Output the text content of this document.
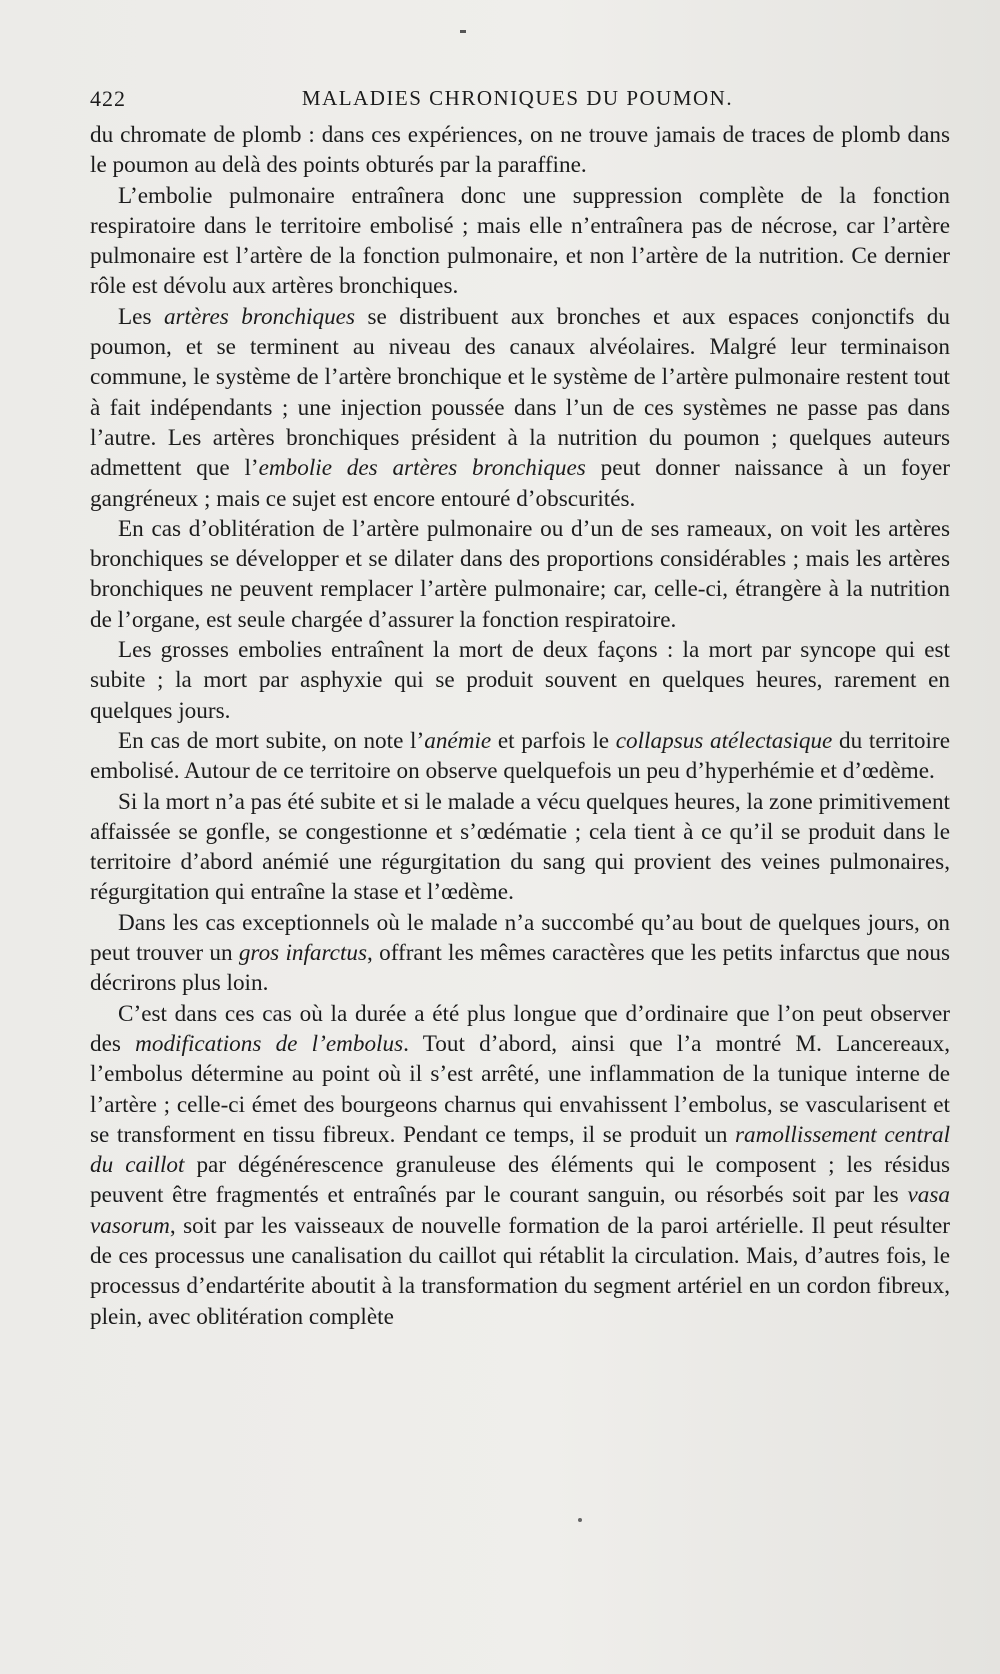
422	MALADIES CHRONIQUES DU POUMON.

du chromate de plomb : dans ces expériences, on ne trouve jamais de traces de plomb dans le poumon au delà des points obturés par la paraffine.

L’embolie pulmonaire entraînera donc une suppression complète de la fonction respiratoire dans le territoire embolisé ; mais elle n’entraînera pas de nécrose, car l’artère pulmonaire est l’artère de la fonction pulmonaire, et non l’artère de la nutrition. Ce dernier rôle est dévolu aux artères bronchiques.

Les artères bronchiques se distribuent aux bronches et aux espaces conjonctifs du poumon, et se terminent au niveau des canaux alvéolaires. Malgré leur terminaison commune, le système de l’artère bronchique et le système de l’artère pulmonaire restent tout à fait indépendants ; une injection poussée dans l’un de ces systèmes ne passe pas dans l’autre. Les artères bronchiques président à la nutrition du poumon ; quelques auteurs admettent que l’embolie des artères bronchiques peut donner naissance à un foyer gangréneux ; mais ce sujet est encore entouré d’obscurités.

En cas d’oblitération de l’artère pulmonaire ou d’un de ses rameaux, on voit les artères bronchiques se développer et se dilater dans des proportions considérables ; mais les artères bronchiques ne peuvent remplacer l’artère pulmonaire; car, celle-ci, étrangère à la nutrition de l’organe, est seule chargée d’assurer la fonction respiratoire.

Les grosses embolies entraînent la mort de deux façons : la mort par syncope qui est subite ; la mort par asphyxie qui se produit souvent en quelques heures, rarement en quelques jours.

En cas de mort subite, on note l’anémie et parfois le collapsus atélectasique du territoire embolisé. Autour de ce territoire on observe quelquefois un peu d’hyperhémie et d’œdème.

Si la mort n’a pas été subite et si le malade a vécu quelques heures, la zone primitivement affaissée se gonfle, se congestionne et s’œdématie ; cela tient à ce qu’il se produit dans le territoire d’abord anémié une régurgitation du sang qui provient des veines pulmonaires, régurgitation qui entraîne la stase et l’œdème.

Dans les cas exceptionnels où le malade n’a succombé qu’au bout de quelques jours, on peut trouver un gros infarctus, offrant les mêmes caractères que les petits infarctus que nous décrirons plus loin.

C’est dans ces cas où la durée a été plus longue que d’ordinaire que l’on peut observer des modifications de l’embolus. Tout d’abord, ainsi que l’a montré M. Lancereaux, l’embolus détermine au point où il s’est arrêté, une inflammation de la tunique interne de l’artère ; celle-ci émet des bourgeons charnus qui envahissent l’embolus, se vascularisent et se transforment en tissu fibreux. Pendant ce temps, il se produit un ramollissement central du caillot par dégénérescence granuleuse des éléments qui le composent ; les résidus peuvent être fragmentés et entraînés par le courant sanguin, ou résorbés soit par les vasa vasorum, soit par les vaisseaux de nouvelle formation de la paroi artérielle. Il peut résulter de ces processus une canalisation du caillot qui rétablit la circulation. Mais, d’autres fois, le processus d’endartérite aboutit à la transformation du segment artériel en un cordon fibreux, plein, avec oblitération complète
